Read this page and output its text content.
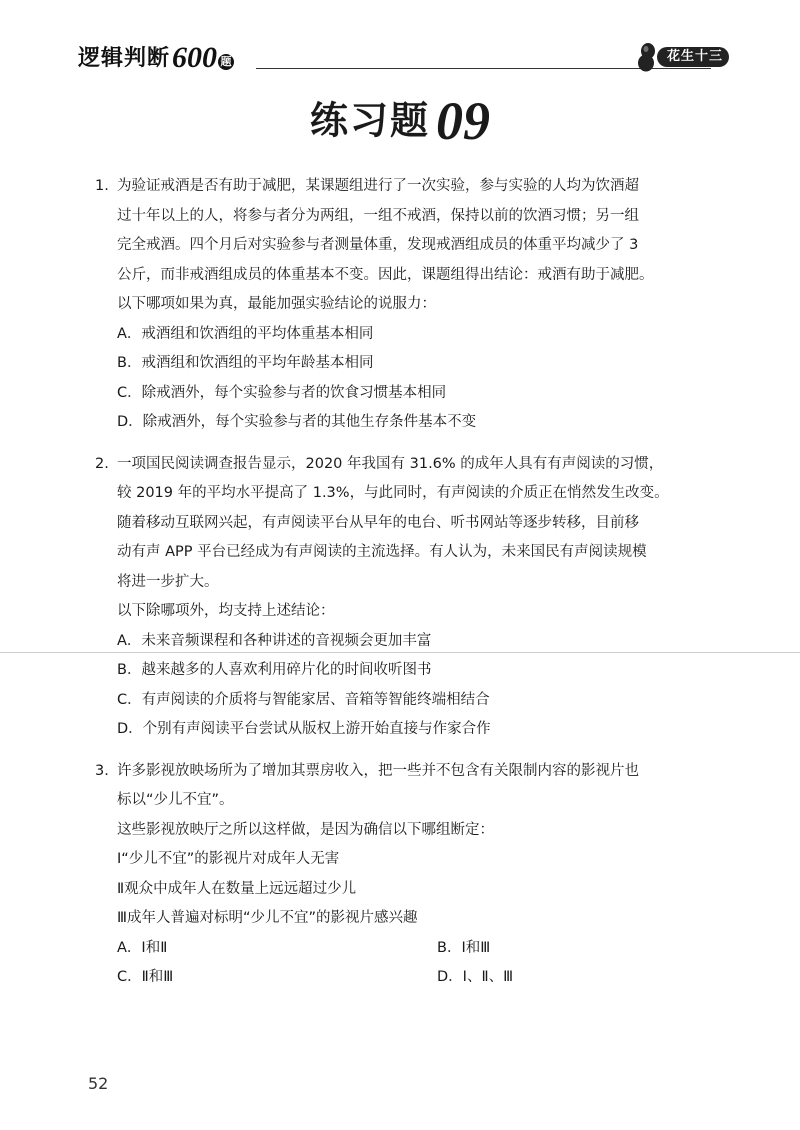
逻辑判断 600 题	花生十三
练习题 09
1. 为验证戒酒是否有助于减肥，某课题组进行了一次实验，参与实验的人均为饮酒超
过十年以上的人，将参与者分为两组，一组不戒酒，保持以前的饮酒习惯；另一组
完全戒酒。四个月后对实验参与者测量体重，发现戒酒组成员的体重平均减少了 3
公斤，而非戒酒组成员的体重基本不变。因此，课题组得出结论：戒酒有助于减肥。
以下哪项如果为真，最能加强实验结论的说服力：
A．戒酒组和饮酒组的平均体重基本相同
B．戒酒组和饮酒组的平均年龄基本相同
C．除戒酒外，每个实验参与者的饮食习惯基本相同
D．除戒酒外，每个实验参与者的其他生存条件基本不变
2. 一项国民阅读调查报告显示，2020 年我国有 31.6% 的成年人具有有声阅读的习惯，
较 2019 年的平均水平提高了 1.3%，与此同时，有声阅读的介质正在悄然发生改变。
随着移动互联网兴起，有声阅读平台从早年的电台、听书网站等逐步转移，目前移
动有声 APP 平台已经成为有声阅读的主流选择。有人认为，未来国民有声阅读规模
将进一步扩大。
以下除哪项外，均支持上述结论：
A．未来音频课程和各种讲述的音视频会更加丰富
B．越来越多的人喜欢利用碎片化的时间收听图书
C．有声阅读的介质将与智能家居、音箱等智能终端相结合
D．个别有声阅读平台尝试从版权上游开始直接与作家合作
3. 许多影视放映场所为了增加其票房收入，把一些并不包含有关限制内容的影视片也
标以“少儿不宜”。
这些影视放映厅之所以这样做，是因为确信以下哪组断定：
Ⅰ“少儿不宜”的影视片对成年人无害
Ⅱ观众中成年人在数量上远远超过少儿
Ⅲ成年人普遍对标明“少儿不宜”的影视片感兴趣
A．Ⅰ和Ⅱ	B．Ⅰ和Ⅲ
C．Ⅱ和Ⅲ	D．Ⅰ、Ⅱ、Ⅲ
52
